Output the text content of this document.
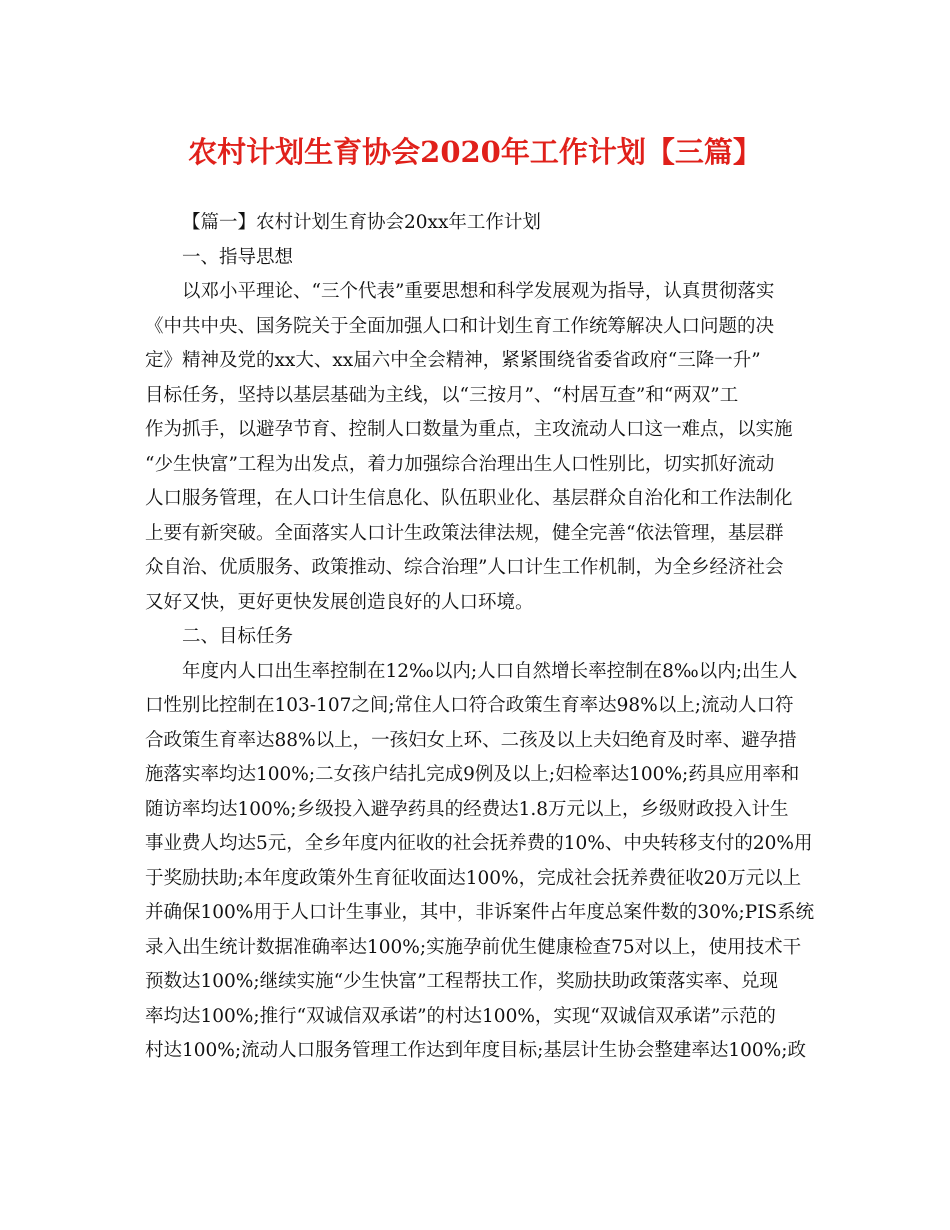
农村计划生育协会2020年工作计划【三篇】
【篇一】农村计划生育协会20xx年工作计划
一、指导思想
以邓小平理论、“三个代表”重要思想和科学发展观为指导，认真贯彻落实
《中共中央、国务院关于全面加强人口和计划生育工作统筹解决人口问题的决
定》精神及党的xx大、xx届六中全会精神，紧紧围绕省委省政府“三降一升”
目标任务，坚持以基层基础为主线，以“三按月”、“村居互查”和“两双”工
作为抓手，以避孕节育、控制人口数量为重点，主攻流动人口这一难点，以实施
“少生快富”工程为出发点，着力加强综合治理出生人口性别比，切实抓好流动
人口服务管理，在人口计生信息化、队伍职业化、基层群众自治化和工作法制化
上要有新突破。全面落实人口计生政策法律法规，健全完善“依法管理，基层群
众自治、优质服务、政策推动、综合治理”人口计生工作机制，为全乡经济社会
又好又快，更好更快发展创造良好的人口环境。
二、目标任务
年度内人口出生率控制在12‰以内;人口自然增长率控制在8‰以内;出生人
口性别比控制在103-107之间;常住人口符合政策生育率达98%以上;流动人口符
合政策生育率达88%以上，一孩妇女上环、二孩及以上夫妇绝育及时率、避孕措
施落实率均达100%;二女孩户结扎完成9例及以上;妇检率达100%;药具应用率和
随访率均达100%;乡级投入避孕药具的经费达1.8万元以上，乡级财政投入计生
事业费人均达5元，全乡年度内征收的社会抚养费的10%、中央转移支付的20%用
于奖励扶助;本年度政策外生育征收面达100%，完成社会抚养费征收20万元以上
并确保100%用于人口计生事业，其中，非诉案件占年度总案件数的30%;PIS系统
录入出生统计数据准确率达100%;实施孕前优生健康检查75对以上，使用技术干
预数达100%;继续实施“少生快富”工程帮扶工作，奖励扶助政策落实率、兑现
率均达100%;推行“双诚信双承诺”的村达100%，实现“双诚信双承诺”示范的
村达100%;流动人口服务管理工作达到年度目标;基层计生协会整建率达100%;政
